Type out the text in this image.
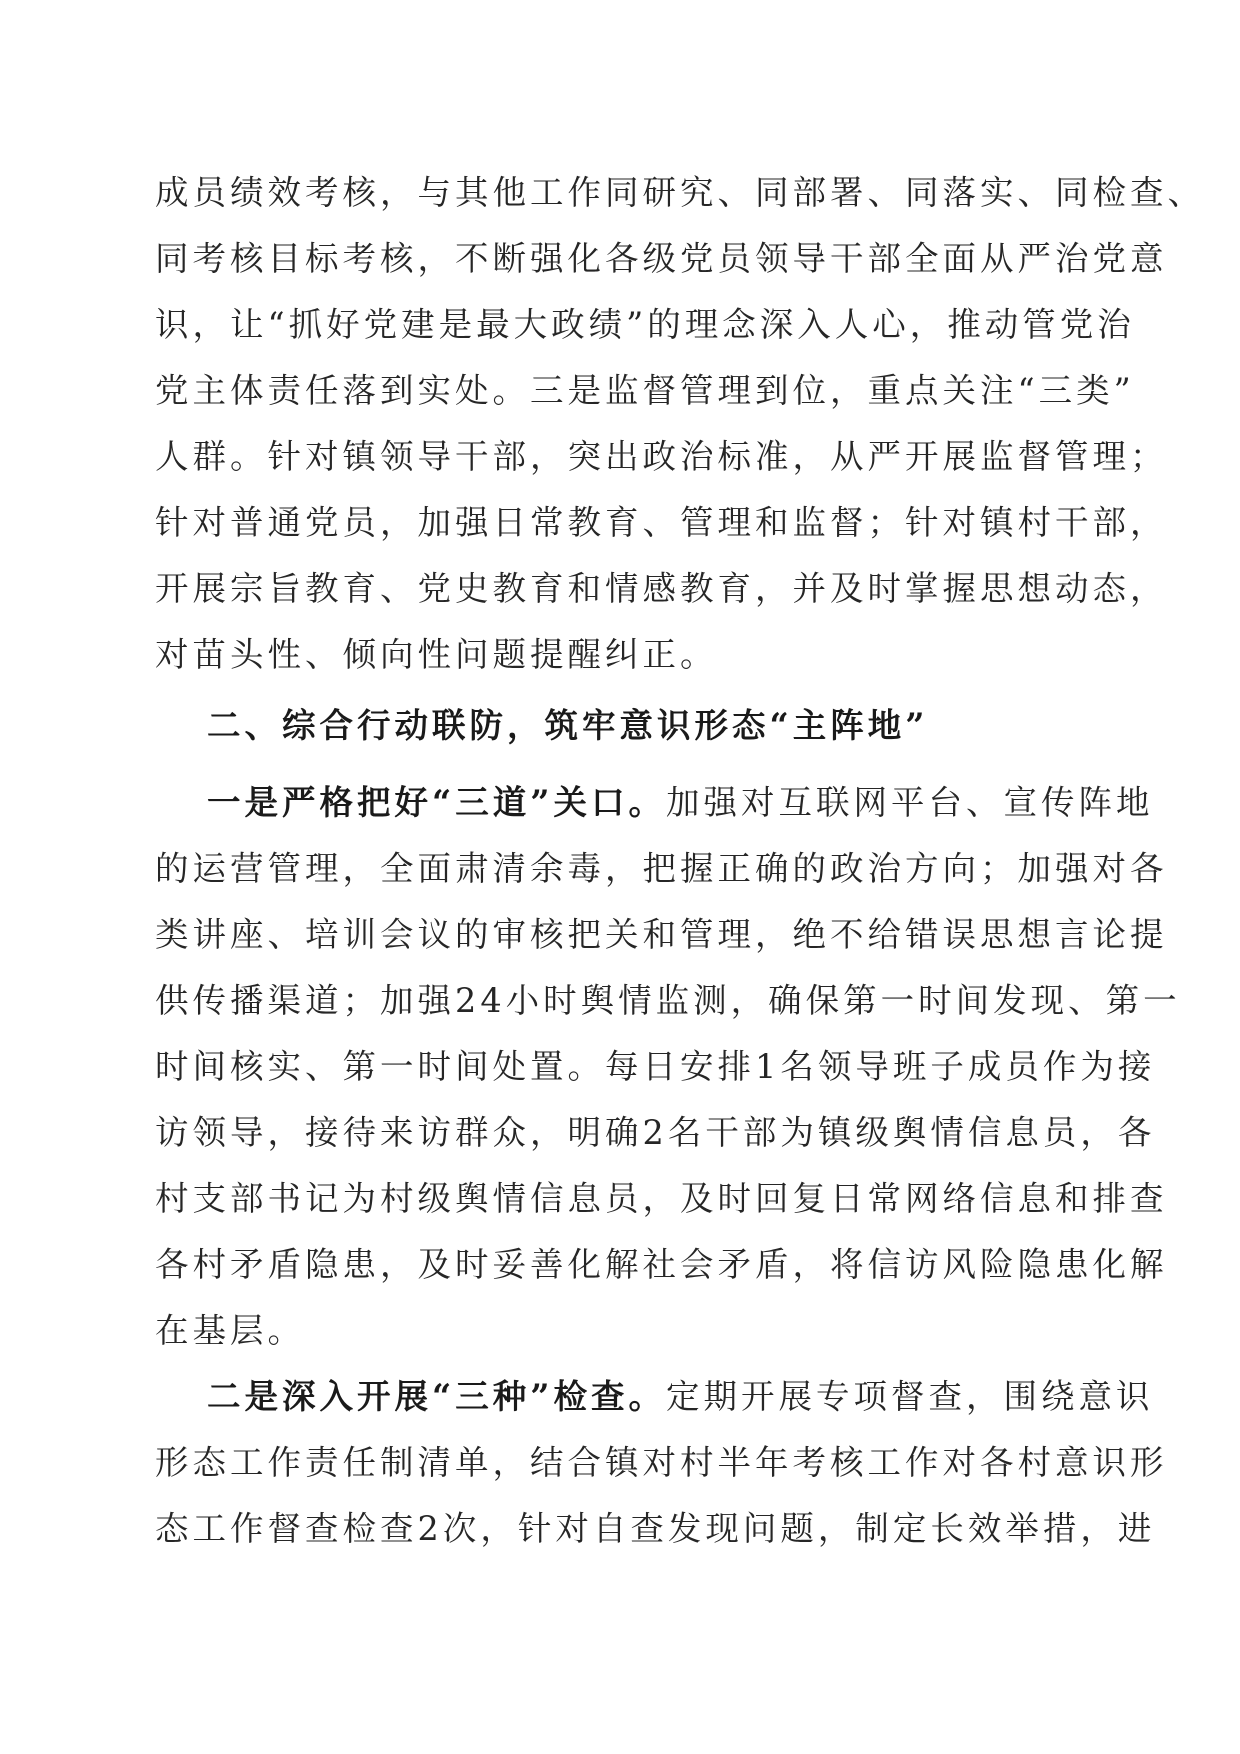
成员绩效考核，与其他工作同研究、同部署、同落实、同检查、
同考核目标考核，不断强化各级党员领导干部全面从严治党意
识，让“抓好党建是最大政绩”的理念深入人心，推动管党治
党主体责任落到实处。三是监督管理到位，重点关注“三类”
人群。针对镇领导干部，突出政治标准，从严开展监督管理；
针对普通党员，加强日常教育、管理和监督；针对镇村干部，
开展宗旨教育、党史教育和情感教育，并及时掌握思想动态，
对苗头性、倾向性问题提醒纠正。
二、综合行动联防，筑牢意识形态“主阵地”
一是严格把好“三道”关口。加强对互联网平台、宣传阵地
的运营管理，全面肃清余毒，把握正确的政治方向；加强对各
类讲座、培训会议的审核把关和管理，绝不给错误思想言论提
供传播渠道；加强24小时舆情监测，确保第一时间发现、第一
时间核实、第一时间处置。每日安排1名领导班子成员作为接
访领导，接待来访群众，明确2名干部为镇级舆情信息员，各
村支部书记为村级舆情信息员，及时回复日常网络信息和排查
各村矛盾隐患，及时妥善化解社会矛盾，将信访风险隐患化解
在基层。
二是深入开展“三种”检查。定期开展专项督查，围绕意识
形态工作责任制清单，结合镇对村半年考核工作对各村意识形
态工作督查检查2次，针对自查发现问题，制定长效举措，进
